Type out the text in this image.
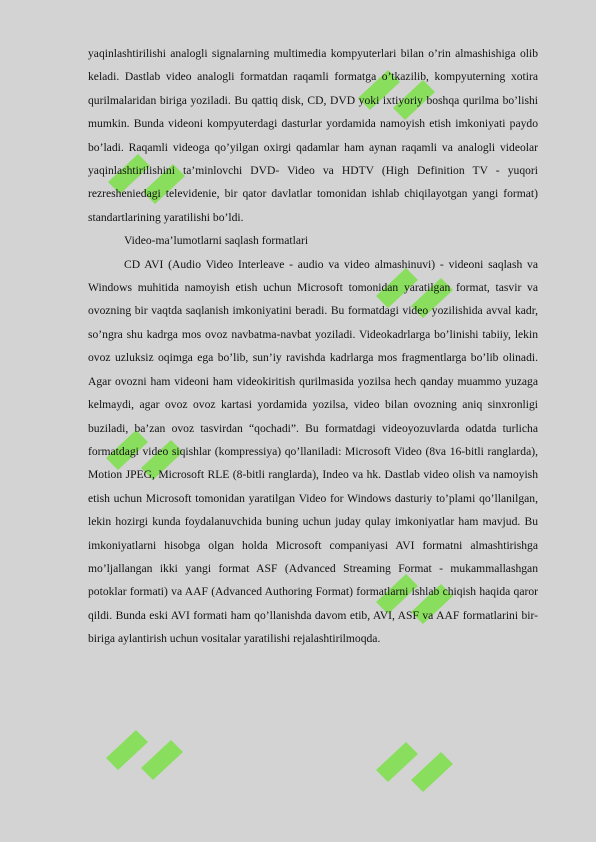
yaqinlashtirilishi analogli signalarning multimedia kompyuterlari bilan o’rin almashishiga olib keladi. Dastlab video analogli formatdan raqamli formatga o’tkazilib, kompyuterning xotira qurilmalaridan biriga yoziladi. Bu qattiq disk, CD, DVD yoki ixtiyoriy boshqa qurilma bo’lishi mumkin. Bunda videoni kompyuterdagi dasturlar yordamida namoyish etish imkoniyati paydo bo’ladi. Raqamli videoga qo’yilgan oxirgi qadamlar ham aynan raqamli va analogli videolar yaqinlashtirilishini ta’minlovchi DVD- Video va HDTV (High Definition TV - yuqori rezresheniedagi televidenie, bir qator davlatlar tomonidan ishlab chiqilayotgan yangi format) standartlarining yaratilishi bo’ldi.

Video-ma’lumotlarni saqlash formatlari

CD AVI (Audio Video Interleave - audio va video almashinuvi) - videoni saqlash va Windows muhitida namoyish etish uchun Microsoft tomonidan yaratilgan format, tasvir va ovozning bir vaqtda saqlanish imkoniyatini beradi. Bu formatdagi video yozilishida avval kadr, so’ngra shu kadrga mos ovoz navbatma-navbat yoziladi. Videokadrlarga bo’linishi tabiiy, lekin ovoz uzluksiz oqimga ega bo’lib, sun’iy ravishda kadrlarga mos fragmentlarga bo’lib olinadi. Agar ovozni ham videoni ham videokiritish qurilmasida yozilsa hech qanday muammo yuzaga kelmaydi, agar ovoz ovoz kartasi yordamida yozilsa, video bilan ovozning aniq sinxronligi buziladi, ba’zan ovoz tasvirdan “qochadi”. Bu formatdagi videoyozuvlarda odatda turlicha formatdagi video siqishlar (kompressiya) qo’llaniladi: Microsoft Video (8va 16-bitli ranglarda), Motion JPEG, Microsoft RLE (8-bitli ranglarda), Indeo va hk. Dastlab video olish va namoyish etish uchun Microsoft tomonidan yaratilgan Video for Windows dasturiy to’plami qo’llanilgan, lekin hozirgi kunda foydalanuvchida buning uchun juday qulay imkoniyatlar ham mavjud. Bu imkoniyatlarni hisobga olgan holda Microsoft companiyasi AVI formatni almashtirishga mo’ljallangan ikki yangi format ASF (Advanced Streaming Format - mukammallashgan potoklar formati) va AAF (Advanced Authoring Format) formatlarni ishlab chiqish haqida qaror qildi. Bunda eski AVI formati ham qo’llanishda davom etib, AVI, ASF va AAF formatlarini bir-biriga aylantirish uchun vositalar yaratilishi rejalashtirilmoqda.
